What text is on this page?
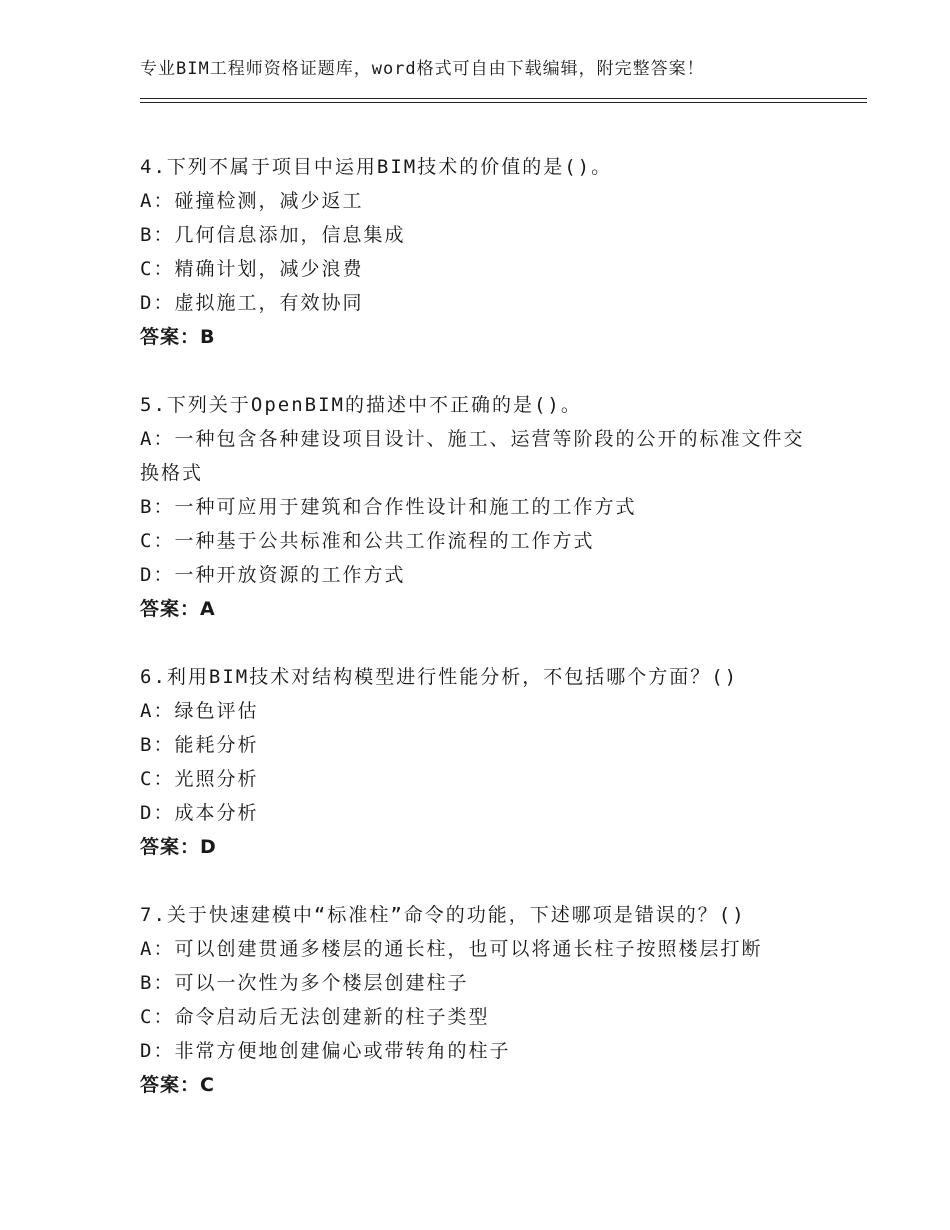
专业BIM工程师资格证题库，word格式可自由下载编辑，附完整答案！
4.下列不属于项目中运用BIM技术的价值的是()。
A：碰撞检测，减少返工
B：几何信息添加，信息集成
C：精确计划，减少浪费
D：虚拟施工，有效协同
答案：B
5.下列关于OpenBIM的描述中不正确的是()。
A：一种包含各种建设项目设计、施工、运营等阶段的公开的标准文件交换格式
B：一种可应用于建筑和合作性设计和施工的工作方式
C：一种基于公共标准和公共工作流程的工作方式
D：一种开放资源的工作方式
答案：A
6.利用BIM技术对结构模型进行性能分析，不包括哪个方面？()
A：绿色评估
B：能耗分析
C：光照分析
D：成本分析
答案：D
7.关于快速建模中“标准柱”命令的功能，下述哪项是错误的？()
A：可以创建贯通多楼层的通长柱，也可以将通长柱子按照楼层打断
B：可以一次性为多个楼层创建柱子
C：命令启动后无法创建新的柱子类型
D：非常方便地创建偏心或带转角的柱子
答案：C
